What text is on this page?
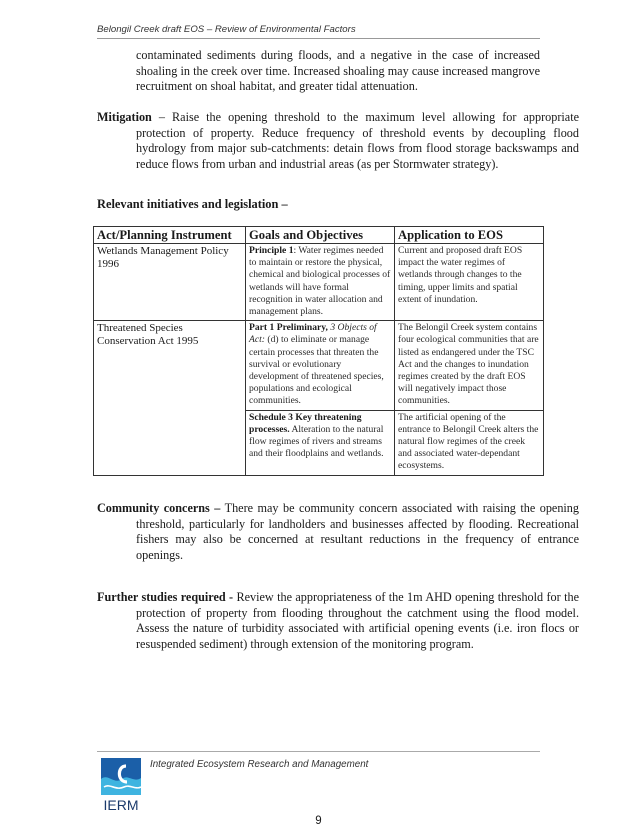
Belongil Creek draft EOS – Review of Environmental Factors
contaminated sediments during floods, and a negative in the case of increased shoaling in the creek over time. Increased shoaling may cause increased mangrove recruitment on shoal habitat, and greater tidal attenuation.
Mitigation – Raise the opening threshold to the maximum level allowing for appropriate protection of property. Reduce frequency of threshold events by decoupling flood hydrology from major sub-catchments: detain flows from flood storage backswamps and reduce flows from urban and industrial areas (as per Stormwater strategy).
Relevant initiatives and legislation –
Act/Planning Instrument	Goals and Objectives	Application to EOS
Wetlands Management Policy 1996	Principle 1: Water regimes needed to maintain or restore the physical, chemical and biological processes of wetlands will have formal recognition in water allocation and management plans.	Current and proposed draft EOS impact the water regimes of wetlands through changes to the timing, upper limits and spatial extent of inundation.
Threatened Species Conservation Act 1995	Part 1 Preliminary, 3 Objects of Act: (d) to eliminate or manage certain processes that threaten the survival or evolutionary development of threatened species, populations and ecological communities.	The Belongil Creek system contains four ecological communities that are listed as endangered under the TSC Act and the changes to inundation regimes created by the draft EOS will negatively impact those communities.
	Schedule 3 Key threatening processes. Alteration to the natural flow regimes of rivers and streams and their floodplains and wetlands.	The artificial opening of the entrance to Belongil Creek alters the natural flow regimes of the creek and associated water-dependant ecosystems.
Community concerns – There may be community concern associated with raising the opening threshold, particularly for landholders and businesses affected by flooding. Recreational fishers may also be concerned at resultant reductions in the frequency of entrance openings.
Further studies required - Review the appropriateness of the 1m AHD opening threshold for the protection of property from flooding throughout the catchment using the flood model. Assess the nature of turbidity associated with artificial opening events (i.e. iron flocs or resuspended sediment) through extension of the monitoring program.
IERM
Integrated Ecosystem Research and Management
9
